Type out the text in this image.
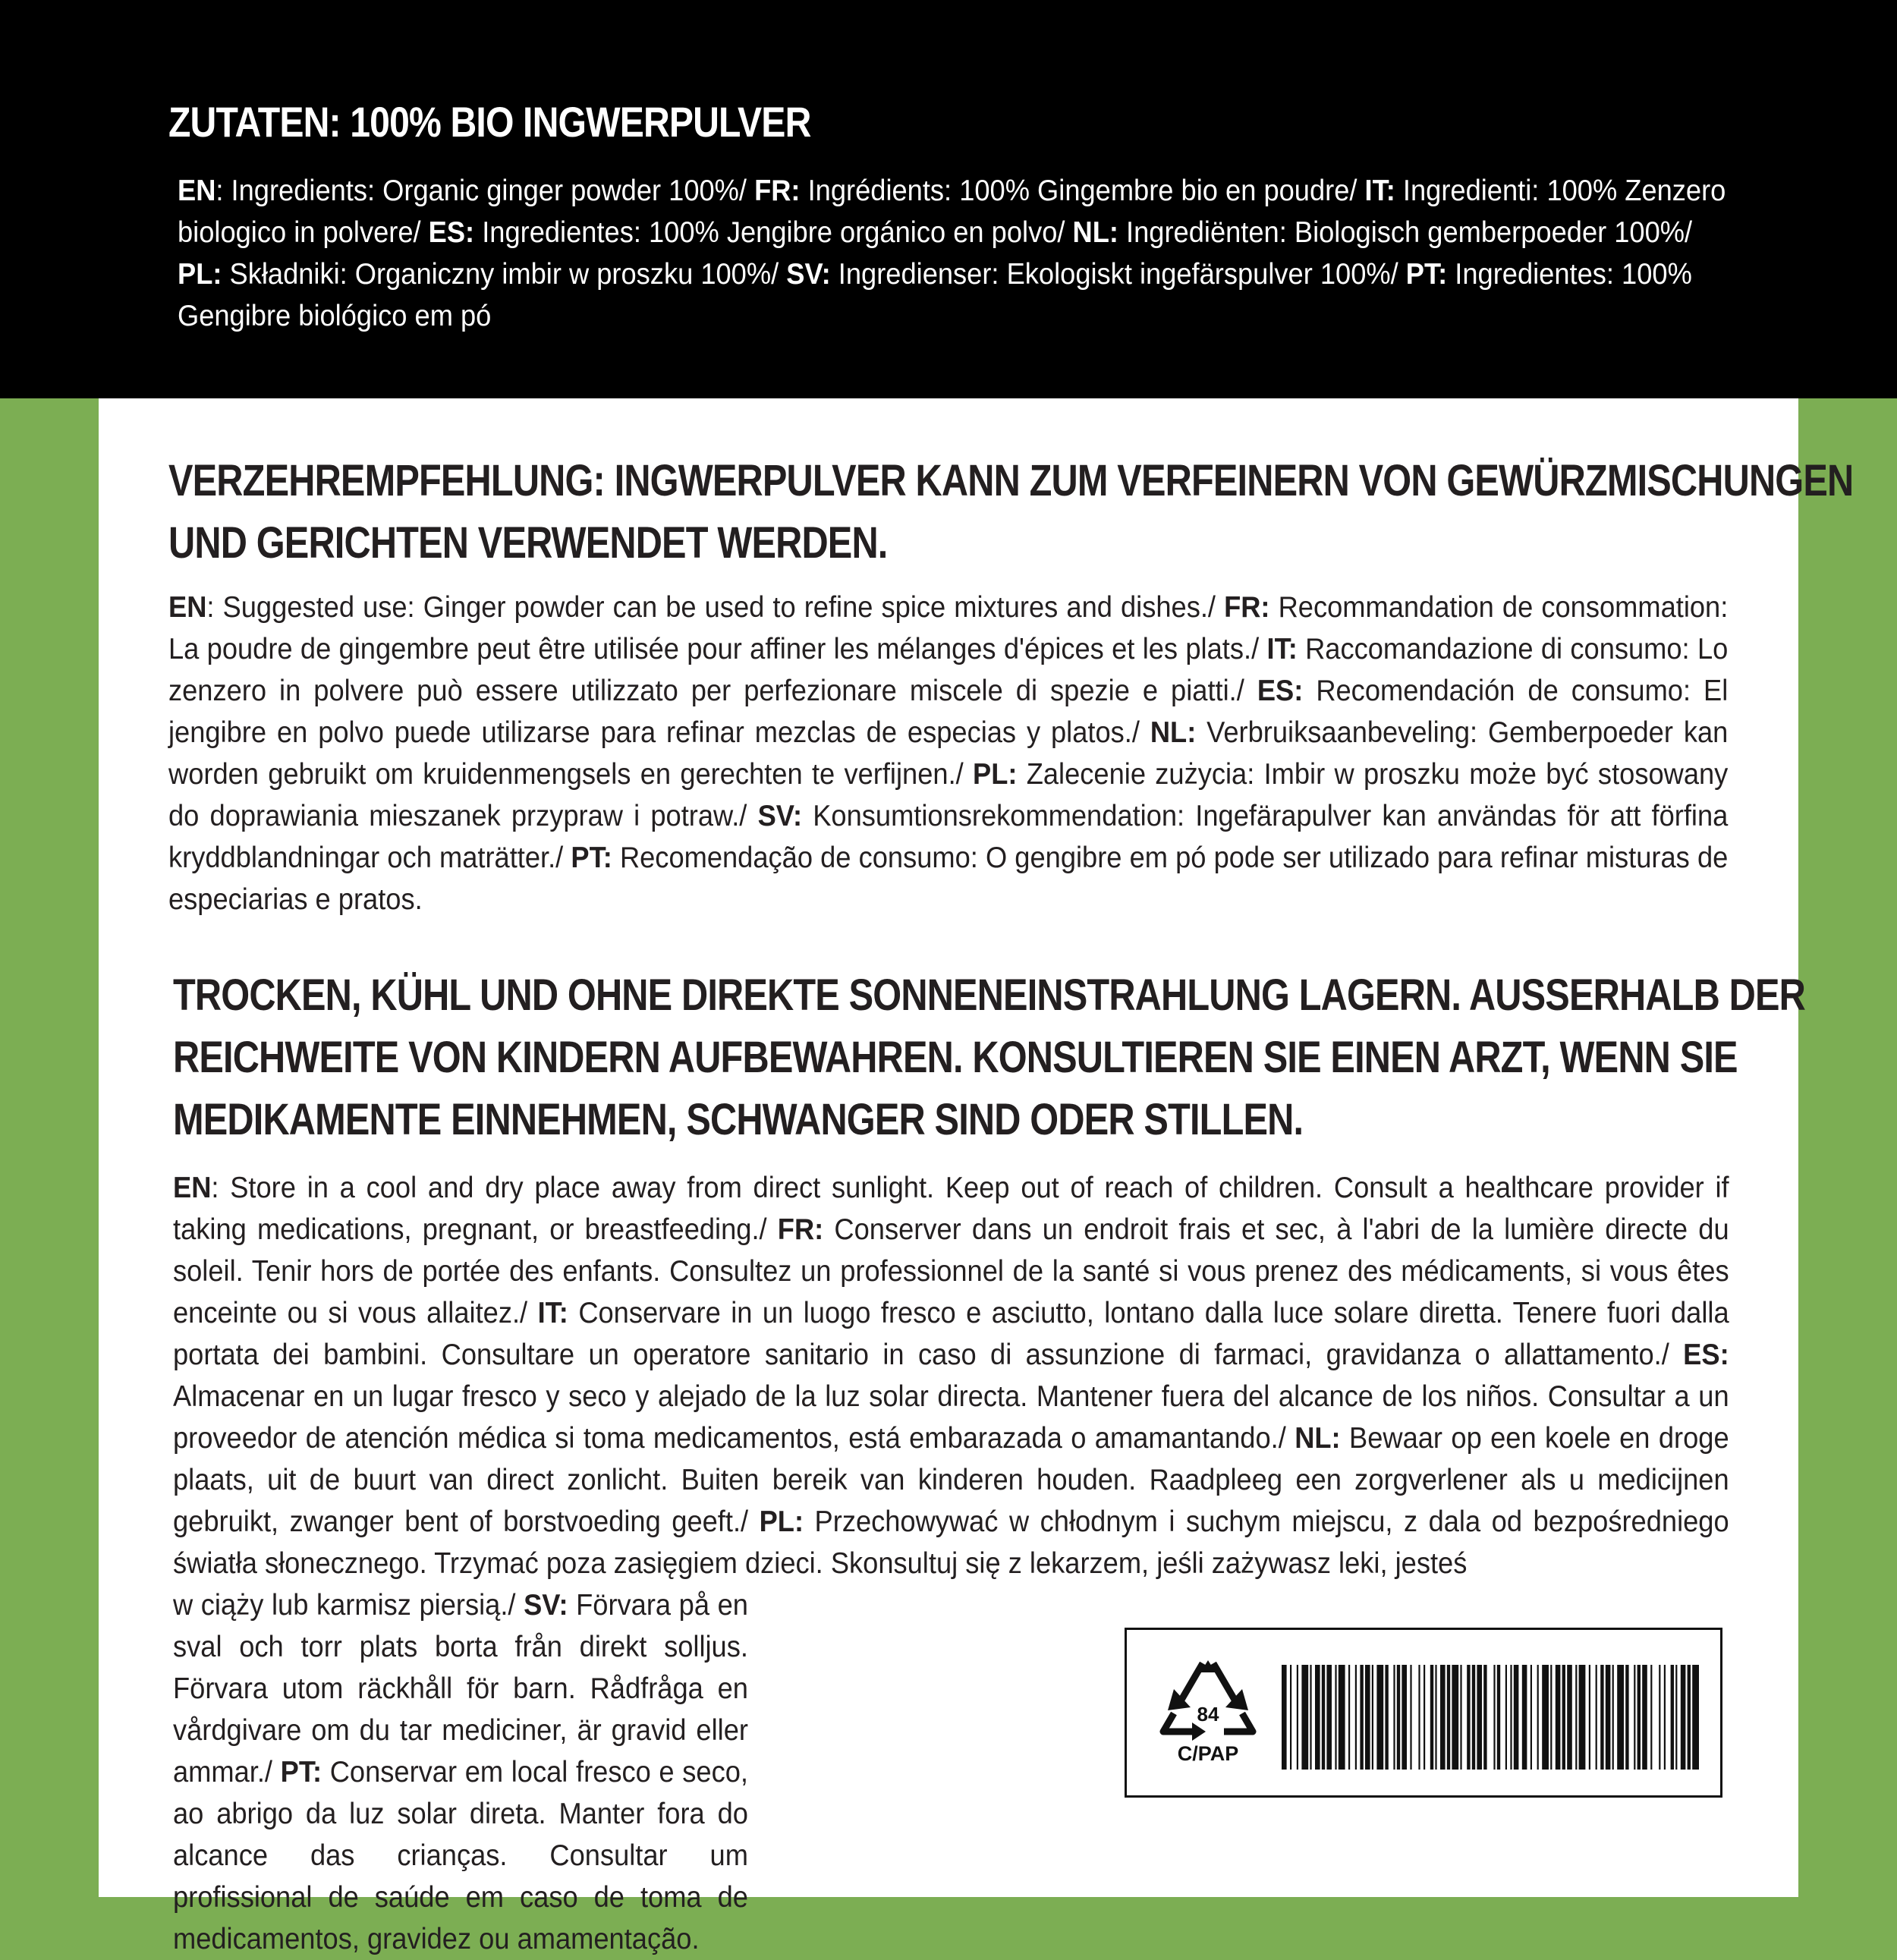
ZUTATEN: 100% BIO INGWERPULVER
EN: Ingredients: Organic ginger powder 100%/ FR: Ingrédients: 100% Gingembre bio en poudre/ IT: Ingredienti: 100% Zenzero biologico in polvere/ ES: Ingredientes: 100% Jengibre orgánico en polvo/ NL: Ingrediënten: Biologisch gemberpoeder 100%/ PL: Składniki: Organiczny imbir w proszku 100%/ SV: Ingredienser: Ekologiskt ingefärspulver 100%/ PT: Ingredientes: 100% Gengibre biológico em pó
VERZEHREMPFEHLUNG: INGWERPULVER KANN ZUM VERFEINERN VON GEWÜRZMISCHUNGEN
UND GERICHTEN VERWENDET WERDEN.
EN: Suggested use: Ginger powder can be used to refine spice mixtures and dishes./ FR: Recommandation de consommation: La poudre de gingembre peut être utilisée pour affiner les mélanges d'épices et les plats./ IT: Raccomandazione di consumo: Lo zenzero in polvere può essere utilizzato per perfezionare miscele di spezie e piatti./ ES: Recomendación de consumo: El jengibre en polvo puede utilizarse para refinar mezclas de especias y platos./ NL: Verbruiksaanbeveling: Gemberpoeder kan worden gebruikt om kruidenmengsels en gerechten te verfijnen./ PL: Zalecenie zużycia: Imbir w proszku może być stosowany do doprawiania mieszanek przypraw i potraw./ SV: Konsumtionsrekommendation: Ingefärapulver kan användas för att förfina kryddblandningar och maträtter./ PT: Recomendação de consumo: O gengibre em pó pode ser utilizado para refinar misturas de especiarias e pratos.
TROCKEN, KÜHL UND OHNE DIREKTE SONNENEINSTRAHLUNG LAGERN. AUSSERHALB DER
REICHWEITE VON KINDERN AUFBEWAHREN. KONSULTIEREN SIE EINEN ARZT, WENN SIE
MEDIKAMENTE EINNEHMEN, SCHWANGER SIND ODER STILLEN.
EN: Store in a cool and dry place away from direct sunlight. Keep out of reach of children. Consult a healthcare provider if taking medications, pregnant, or breastfeeding./ FR: Conserver dans un endroit frais et sec, à l'abri de la lumière directe du soleil. Tenir hors de portée des enfants. Consultez un professionnel de la santé si vous prenez des médicaments, si vous êtes enceinte ou si vous allaitez./ IT: Conservare in un luogo fresco e asciutto, lontano dalla luce solare diretta. Tenere fuori dalla portata dei bambini. Consultare un operatore sanitario in caso di assunzione di farmaci, gravidanza o allattamento./ ES: Almacenar en un lugar fresco y seco y alejado de la luz solar directa. Mantener fuera del alcance de los niños. Consultar a un proveedor de atención médica si toma medicamentos, está embarazada o amamantando./ NL: Bewaar op een koele en droge plaats, uit de buurt van direct zonlicht. Buiten bereik van kinderen houden. Raadpleeg een zorgverlener als u medicijnen gebruikt, zwanger bent of borstvoeding geeft./ PL: Przechowywać w chłodnym i suchym miejscu, z dala od bezpośredniego światła słonecznego. Trzymać poza zasięgiem dzieci. Skonsultuj się z lekarzem, jeśli zażywasz leki, jesteś
w ciąży lub karmisz piersią./ SV: Förvara på en sval och torr plats borta från direkt solljus. Förvara utom räckhåll för barn. Rådfråga en vårdgivare om du tar mediciner, är gravid eller ammar./ PT: Conservar em local fresco e seco, ao abrigo da luz solar direta. Manter fora do alcance das crianças. Consultar um profissional de saúde em caso de toma de medicamentos, gravidez ou amamentação.
84
C/PAP
